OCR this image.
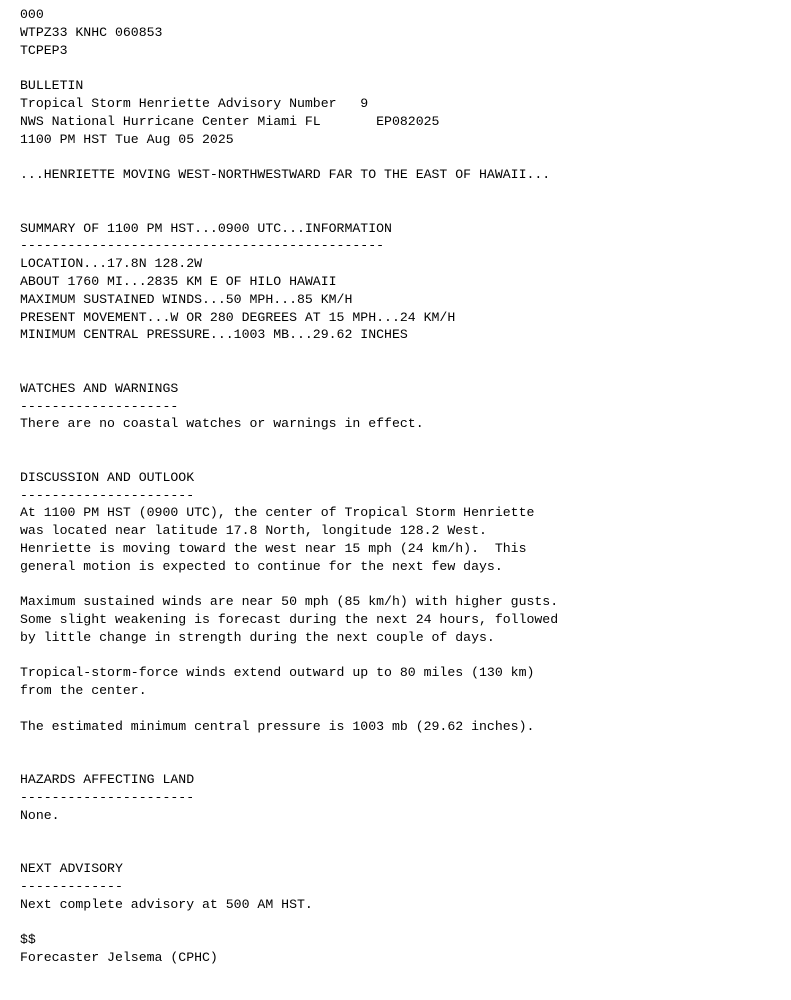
000
WTPZ33 KNHC 060853
TCPEP3
BULLETIN
Tropical Storm Henriette Advisory Number   9
NWS National Hurricane Center Miami FL       EP082025
1100 PM HST Tue Aug 05 2025
...HENRIETTE MOVING WEST-NORTHWESTWARD FAR TO THE EAST OF HAWAII...
SUMMARY OF 1100 PM HST...0900 UTC...INFORMATION
----------------------------------------------
LOCATION...17.8N 128.2W
ABOUT 1760 MI...2835 KM E OF HILO HAWAII
MAXIMUM SUSTAINED WINDS...50 MPH...85 KM/H
PRESENT MOVEMENT...W OR 280 DEGREES AT 15 MPH...24 KM/H
MINIMUM CENTRAL PRESSURE...1003 MB...29.62 INCHES
WATCHES AND WARNINGS
--------------------
There are no coastal watches or warnings in effect.
DISCUSSION AND OUTLOOK
----------------------
At 1100 PM HST (0900 UTC), the center of Tropical Storm Henriette
was located near latitude 17.8 North, longitude 128.2 West.
Henriette is moving toward the west near 15 mph (24 km/h).  This
general motion is expected to continue for the next few days.
Maximum sustained winds are near 50 mph (85 km/h) with higher gusts.
Some slight weakening is forecast during the next 24 hours, followed
by little change in strength during the next couple of days.
Tropical-storm-force winds extend outward up to 80 miles (130 km)
from the center.
The estimated minimum central pressure is 1003 mb (29.62 inches).
HAZARDS AFFECTING LAND
----------------------
None.
NEXT ADVISORY
-------------
Next complete advisory at 500 AM HST.
$$
Forecaster Jelsema (CPHC)
